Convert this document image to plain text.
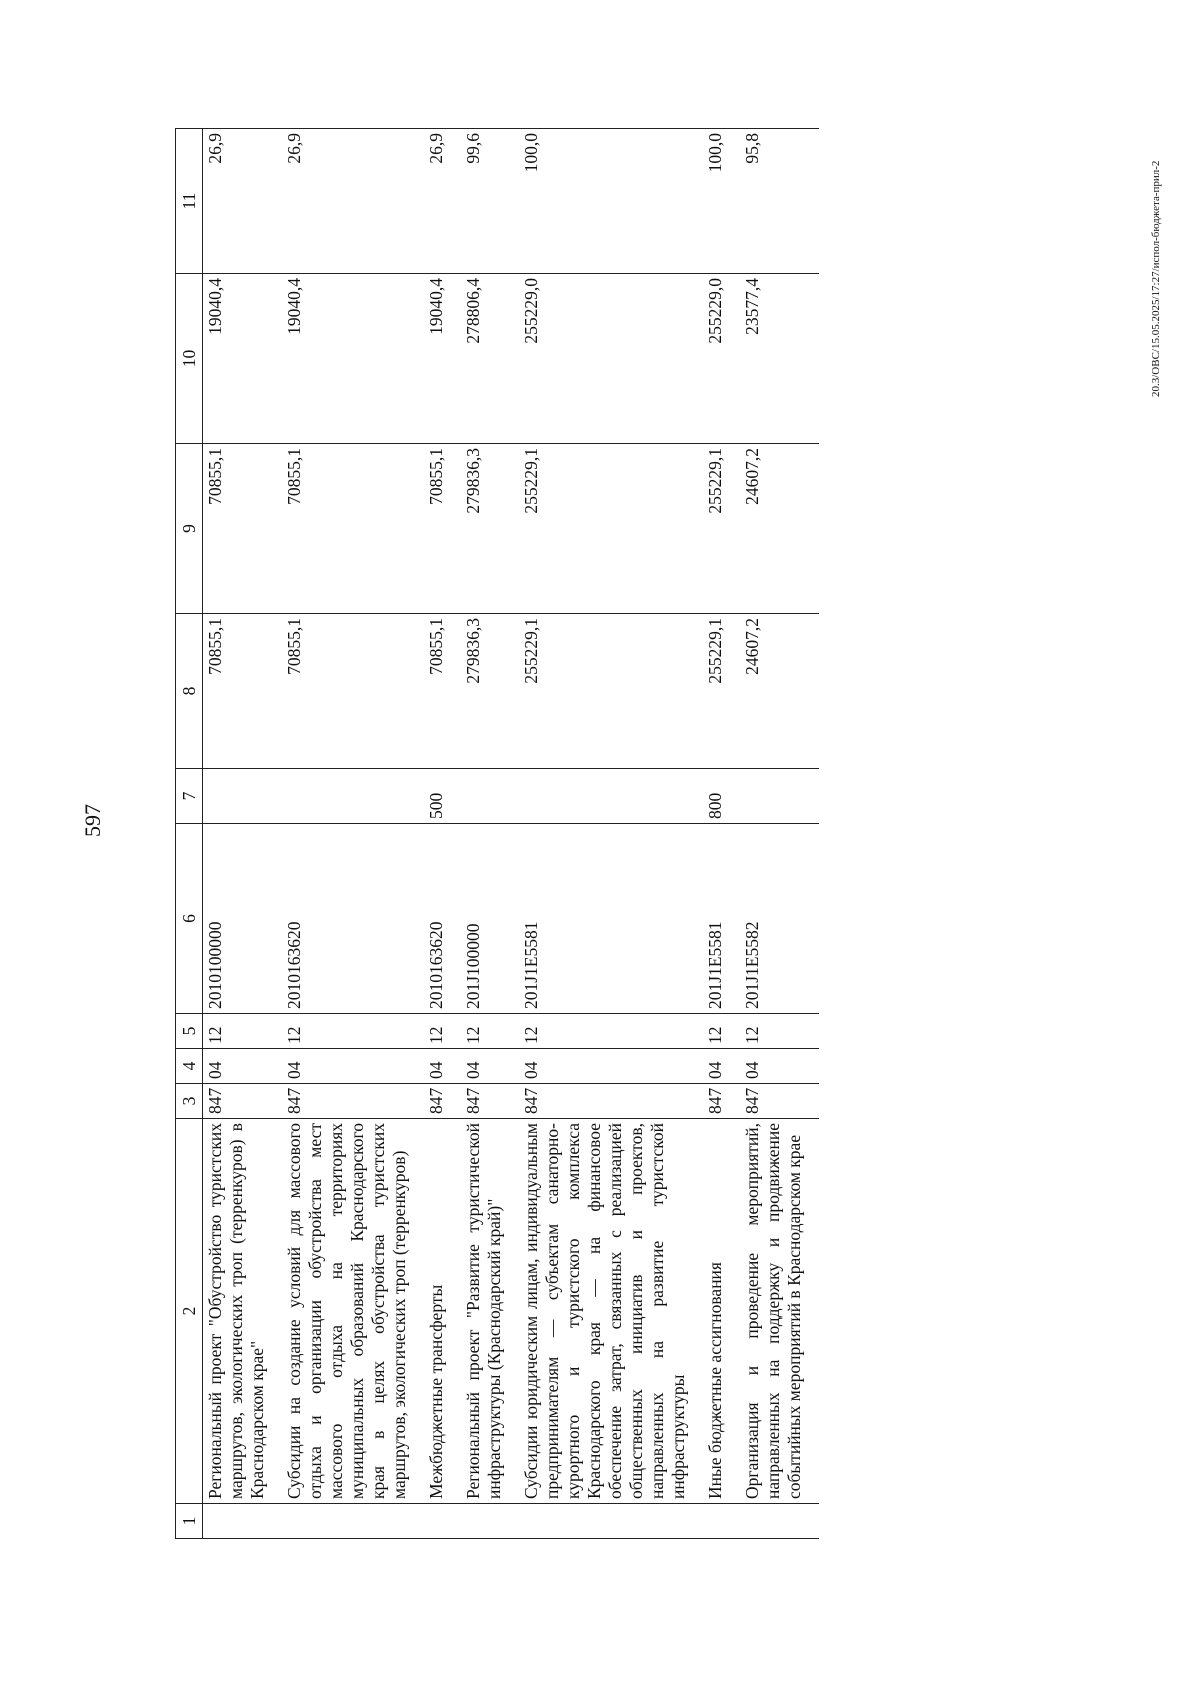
597
1	2	3	4	5	6	7	8	9	10	11
	Региональный проект "Обустройство туристских маршрутов, экологических троп (терренкуров) в Краснодарском крае"	847	04	12	2010100000		70855,1	70855,1	19040,4	26,9
	Субсидии на создание условий для массового отдыха и организации обустройства мест массового отдыха на территориях муниципальных образований Краснодарского края в целях обустройства туристских маршрутов, экологических троп (терренкуров)	847	04	12	2010163620		70855,1	70855,1	19040,4	26,9
	Межбюджетные трансферты	847	04	12	2010163620	500	70855,1	70855,1	19040,4	26,9
	Региональный проект "Развитие туристической инфраструктуры (Краснодарский край)"	847	04	12	201J100000		279836,3	279836,3	278806,4	99,6
	Субсидии юридическим лицам, индивидуальным предпринимателям — субъектам санаторно-курортного и туристского комплекса Краснодарского края — на финансовое обеспечение затрат, связанных с реализацией общественных инициатив и проектов, направленных на развитие туристской инфраструктуры	847	04	12	201J1E5581		255229,1	255229,1	255229,0	100,0
	Иные бюджетные ассигнования	847	04	12	201J1E5581	800	255229,1	255229,1	255229,0	100,0
	Организация и проведение мероприятий, направленных на поддержку и продвижение событийных мероприятий в Краснодарском крае	847	04	12	201J1E5582		24607,2	24607,2	23577,4	95,8
20.3/OBC/15.05.2025/17:27/испол-бюджета-прил-2
